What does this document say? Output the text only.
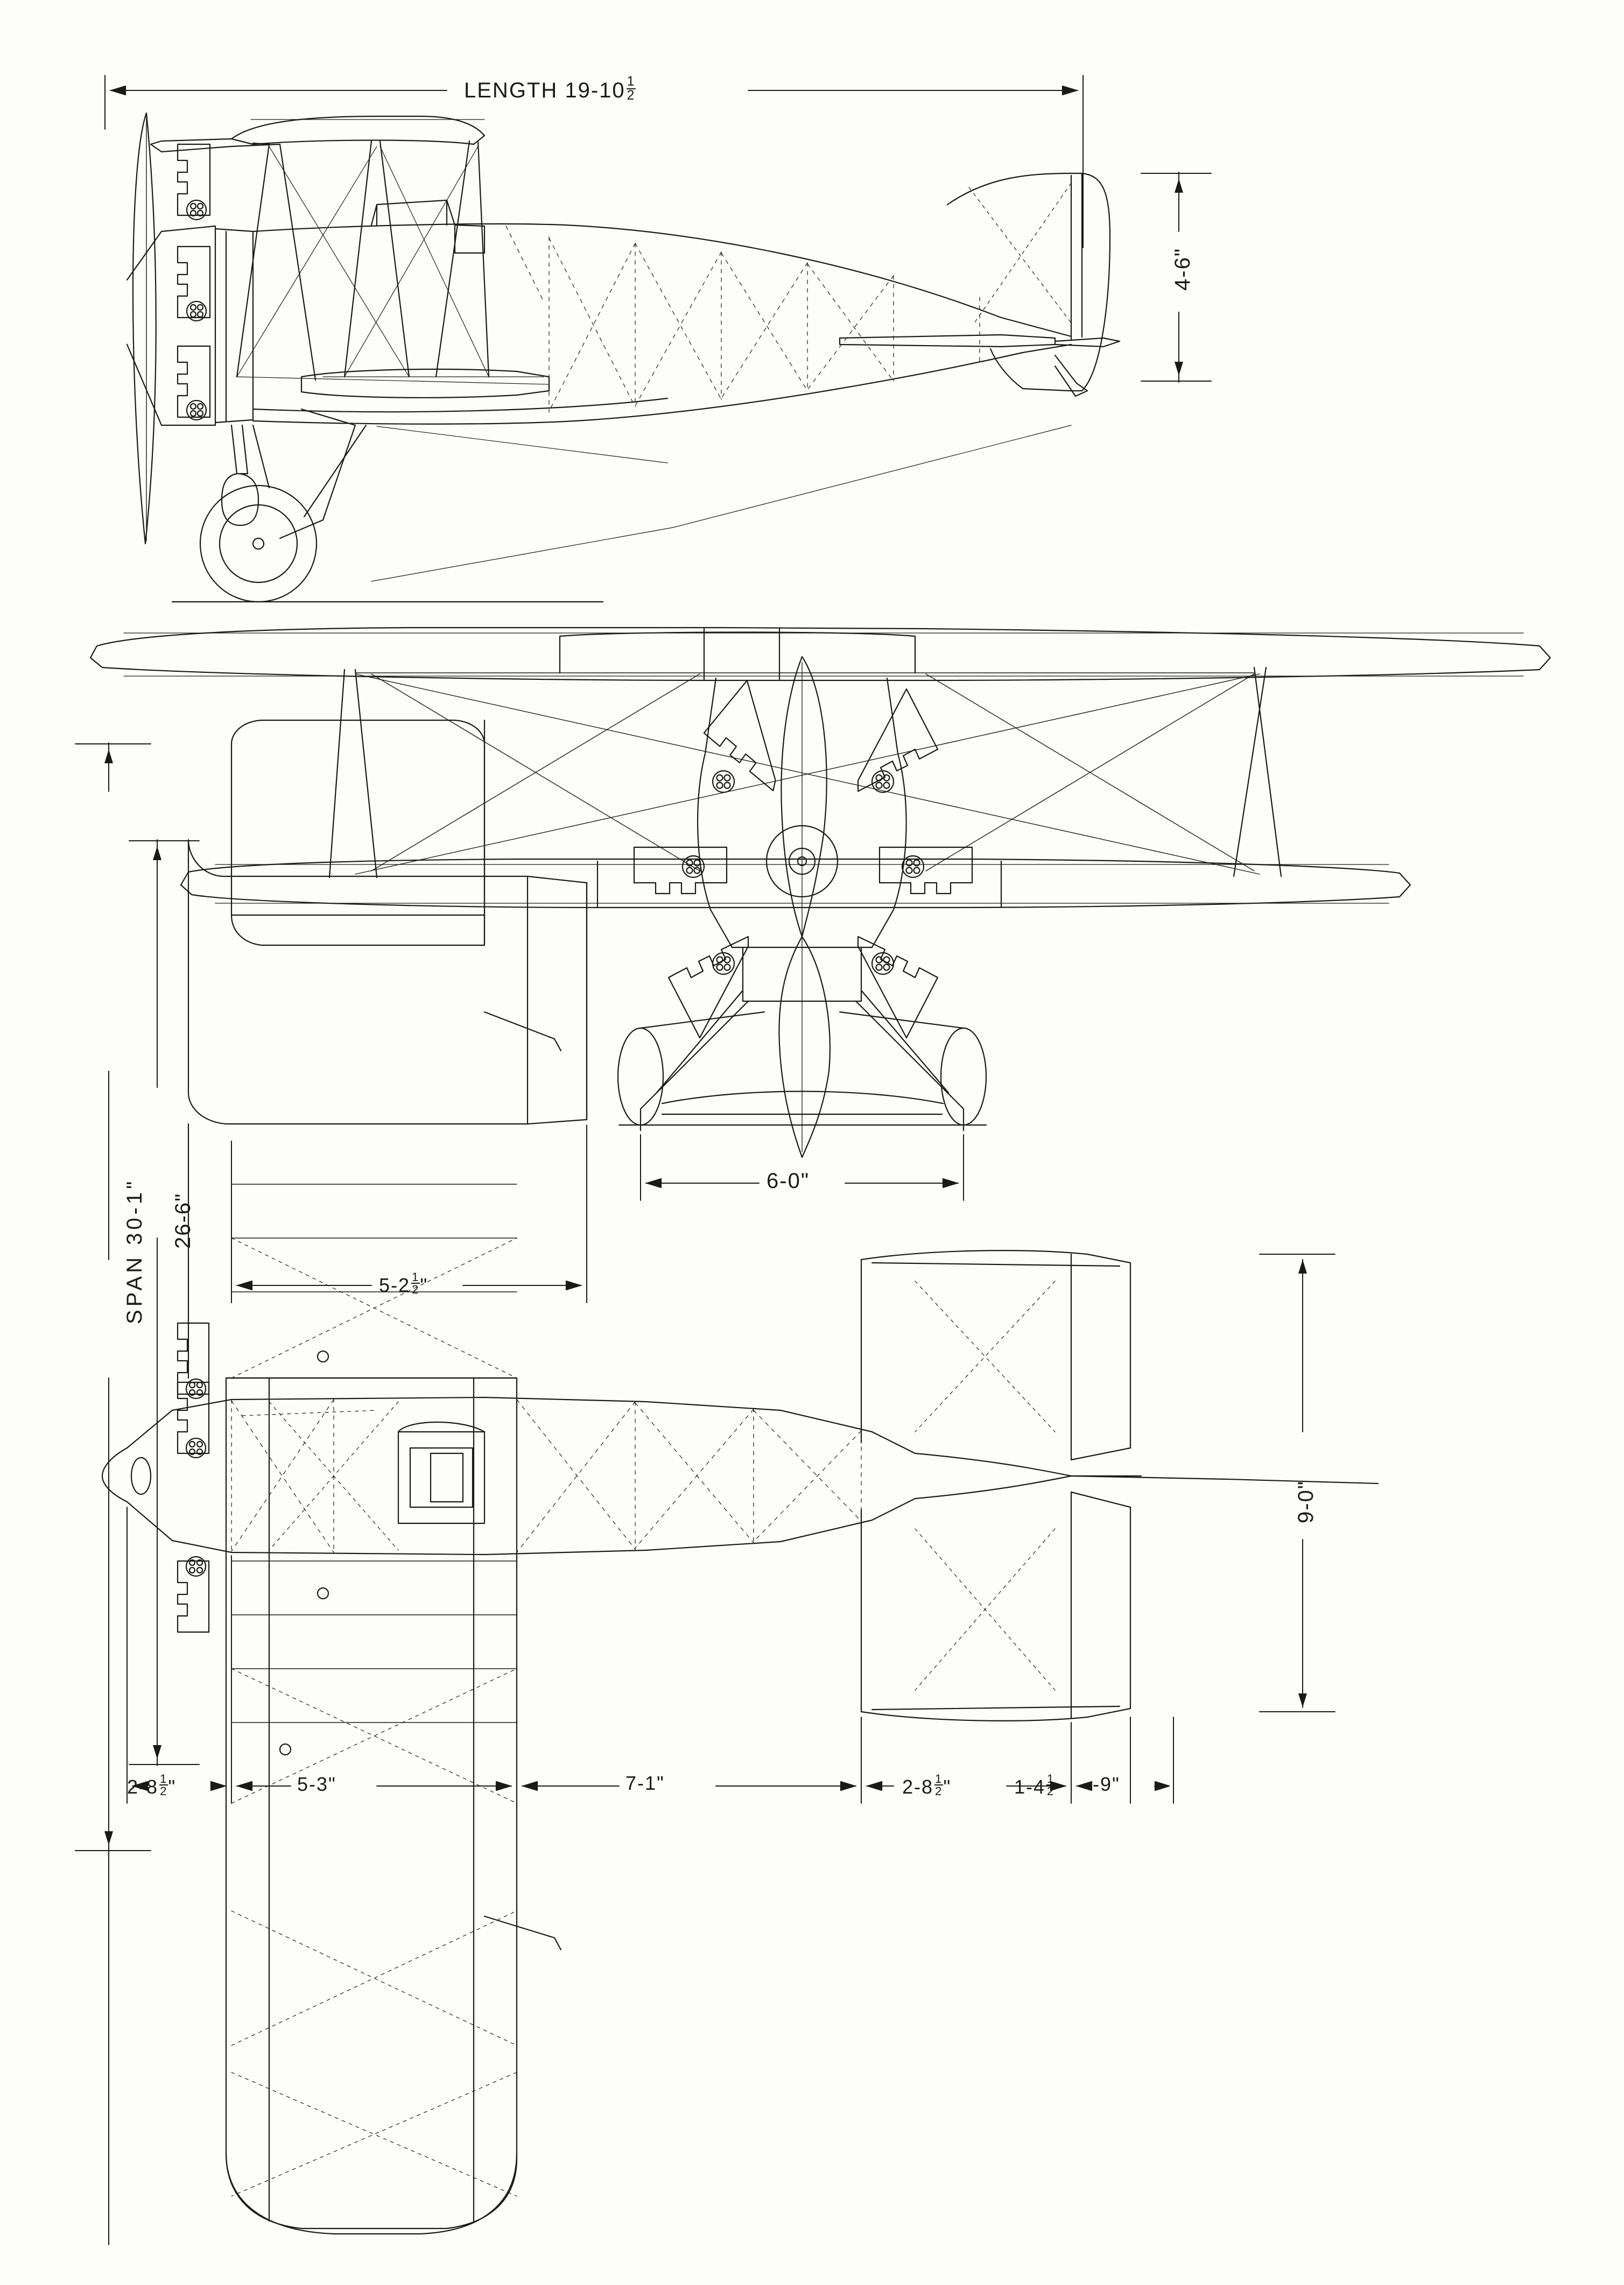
LENGTH $19-10 \frac{1}{2}$
4-6"
SPAN 30-1" 26-6"
6-0"
9-0"
$5-2 \frac{1}{2}$ "
$2-8 \frac{1}{2}$ "	5-3"	7-1"	$2-8 \frac{1}{2}$ "	$1-4 \frac{1}{2} -9$"
